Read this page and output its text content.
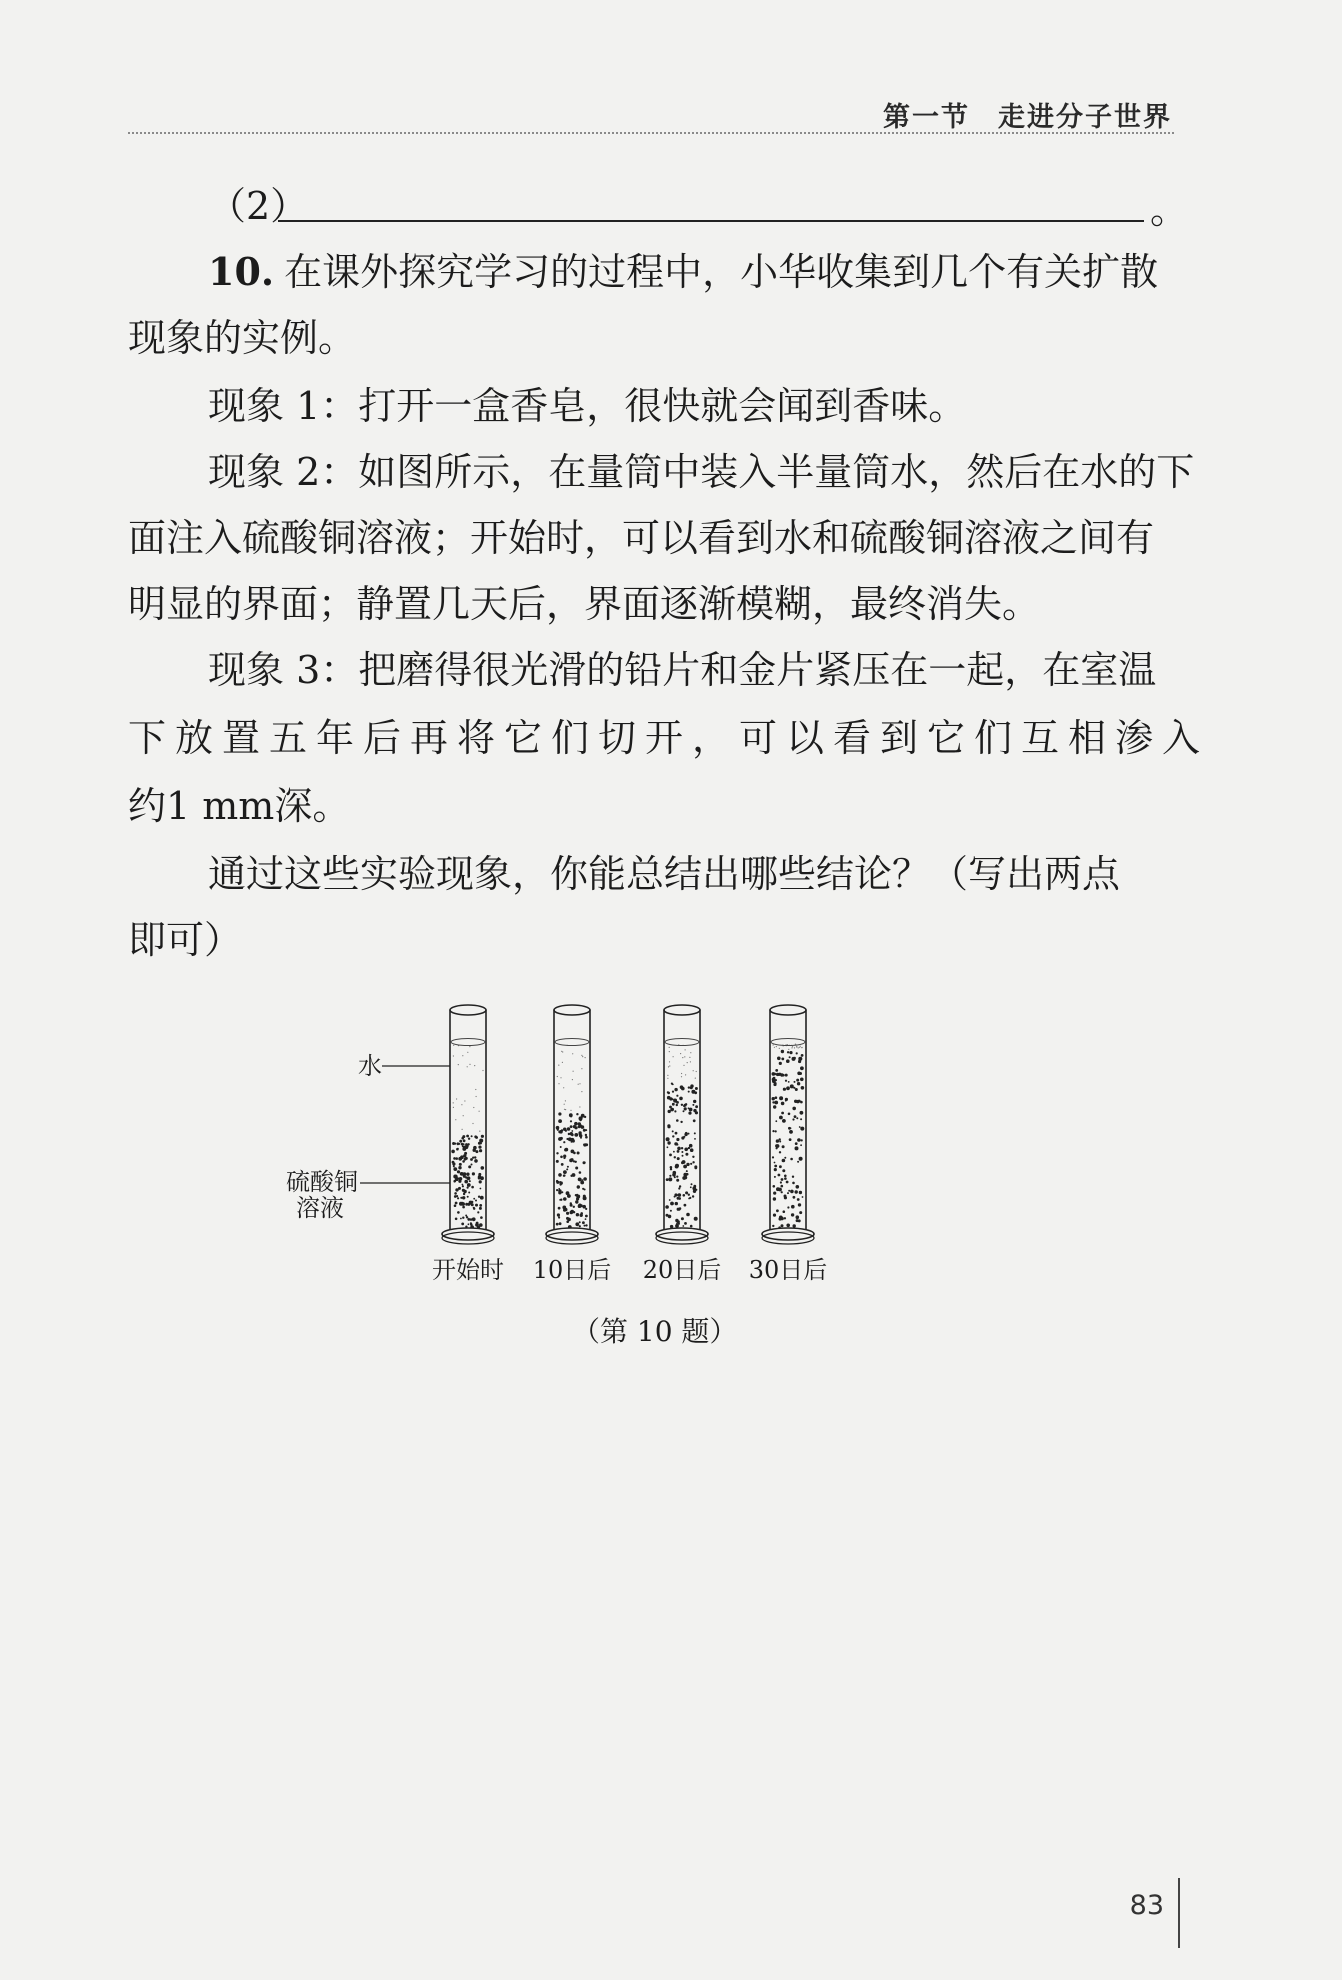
第一节 走进分子世界
（2）	。
10. 在课外探究学习的过程中，小华收集到几个有关扩散
现象的实例。
现象 1：打开一盒香皂，很快就会闻到香味。
现象 2：如图所示，在量筒中装入半量筒水，然后在水的下
面注入硫酸铜溶液；开始时，可以看到水和硫酸铜溶液之间有
明显的界面；静置几天后，界面逐渐模糊，最终消失。
现象 3：把磨得很光滑的铅片和金片紧压在一起，在室温
下放置五年后再将它们切开，可以看到它们互相渗入
约1 mm深。
通过这些实验现象，你能总结出哪些结论？（写出两点
即可）
开始时 10日后 20日后 30日后
水
硫酸铜
溶液
（第 10 题）
83
